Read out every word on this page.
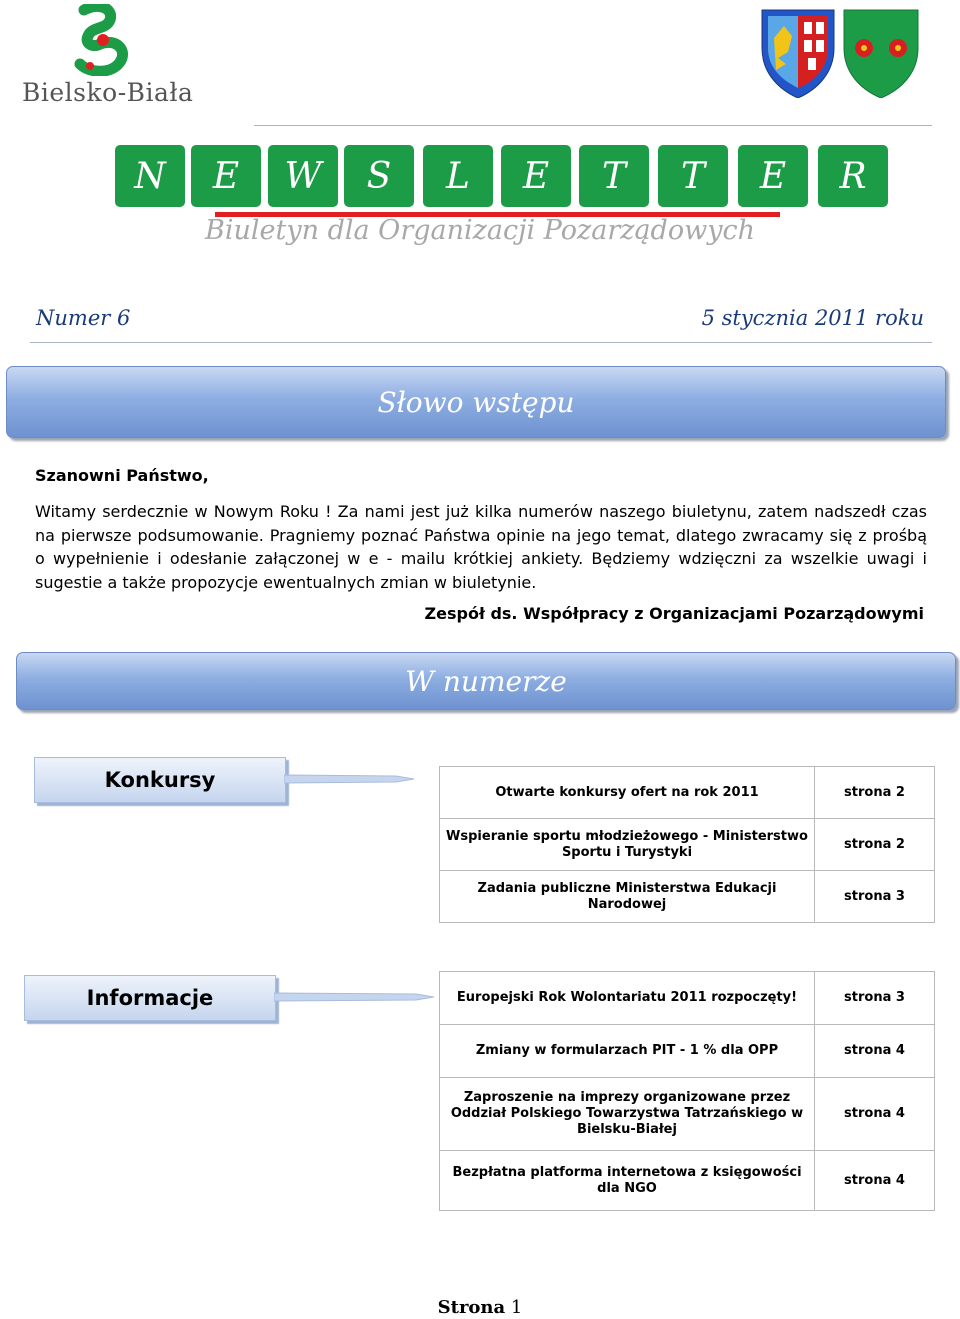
Bielsko-Biała
N	E	W	S	L	E	T	T	E	R
Biuletyn dla Organizacji Pozarządowych
Numer 6	5 stycznia 2011 roku
Słowo wstępu
Szanowni Państwo,
Witamy serdecznie w Nowym Roku ! Za nami jest już kilka numerów naszego biuletynu, zatem nadszedł czas na pierwsze podsumowanie. Pragniemy poznać Państwa opinie na jego temat, dlatego zwracamy się z prośbą o wypełnienie i odesłanie załączonej w e - mailu krótkiej ankiety. Będziemy wdzięczni za wszelkie uwagi i sugestie a także propozycje ewentualnych zmian w biuletynie.
Zespół ds. Współpracy z Organizacjami Pozarządowymi
W numerze
Konkursy	Otwarte konkursy ofert na rok 2011	strona 2
Wspieranie sportu młodzieżowego - Ministerstwo Sportu i Turystyki	strona 2
Zadania publiczne Ministerstwa Edukacji Narodowej	strona 3
Informacje	Europejski Rok Wolontariatu 2011 rozpoczęty!	strona 3
Zmiany w formularzach PIT - 1 % dla OPP	strona 4
Zaproszenie na imprezy organizowane przez Oddział Polskiego Towarzystwa Tatrzańskiego w Bielsku-Białej	strona 4
Bezpłatna platforma internetowa z księgowości dla NGO	strona 4
Strona 1
